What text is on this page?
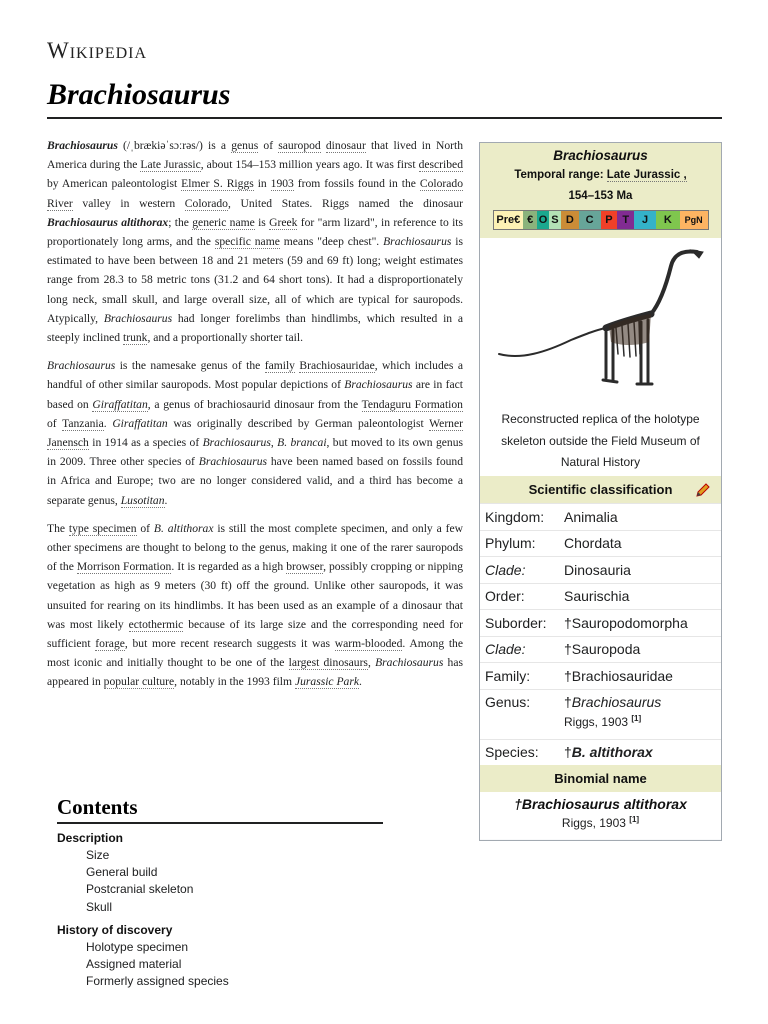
Wikipedia
Brachiosaurus

Brachiosaurus (/ˌbrækiəˈsɔːrəs/) is a genus of sauropod dinosaur that lived in North America during the Late Jurassic, about 154–153 million years ago. It was first described by American paleontologist Elmer S. Riggs in 1903 from fossils found in the Colorado River valley in western Colorado, United States. Riggs named the dinosaur Brachiosaurus altithorax; the generic name is Greek for "arm lizard", in reference to its proportionately long arms, and the specific name means "deep chest". Brachiosaurus is estimated to have been between 18 and 21 meters (59 and 69 ft) long; weight estimates range from 28.3 to 58 metric tons (31.2 and 64 short tons). It had a disproportionately long neck, small skull, and large overall size, all of which are typical for sauropods. Atypically, Brachiosaurus had longer forelimbs than hindlimbs, which resulted in a steeply inclined trunk, and a proportionally shorter tail.

Brachiosaurus is the namesake genus of the family Brachiosauridae, which includes a handful of other similar sauropods. Most popular depictions of Brachiosaurus are in fact based on Giraffatitan, a genus of brachiosaurid dinosaur from the Tendaguru Formation of Tanzania. Giraffatitan was originally described by German paleontologist Werner Janensch in 1914 as a species of Brachiosaurus, B. brancai, but moved to its own genus in 2009. Three other species of Brachiosaurus have been named based on fossils found in Africa and Europe; two are no longer considered valid, and a third has become a separate genus, Lusotitan.

The type specimen of B. altithorax is still the most complete specimen, and only a few other specimens are thought to belong to the genus, making it one of the rarer sauropods of the Morrison Formation. It is regarded as a high browser, possibly cropping or nipping vegetation as high as 9 meters (30 ft) off the ground. Unlike other sauropods, it was unsuited for rearing on its hindlimbs. It has been used as an example of a dinosaur that was most likely ectothermic because of its large size and the corresponding need for sufficient forage, but more recent research suggests it was warm-blooded. Among the most iconic and initially thought to be one of the largest dinosaurs, Brachiosaurus has appeared in popular culture, notably in the 1993 film Jurassic Park.

Brachiosaurus
Temporal range: Late Jurassic ,
154–153 Ma
Pre€ € O S D	C	P T	J	K	PgN
Reconstructed replica of the holotype skeleton outside the Field Museum of Natural History
Scientific classification
Kingdom:	Animalia
Phylum:	Chordata
Clade:	Dinosauria
Order:	Saurischia
Suborder:	†Sauropodomorpha
Clade:	†Sauropoda
Family:	†Brachiosauridae
Genus:	†Brachiosaurus
Riggs, 1903 [1]
Species:	†B. altithorax
Binomial name
†Brachiosaurus altithorax
Riggs, 1903 [1]
Contents
Description
Size
General build
Postcranial skeleton
Skull
History of discovery
Holotype specimen
Assigned material
Formerly assigned species
